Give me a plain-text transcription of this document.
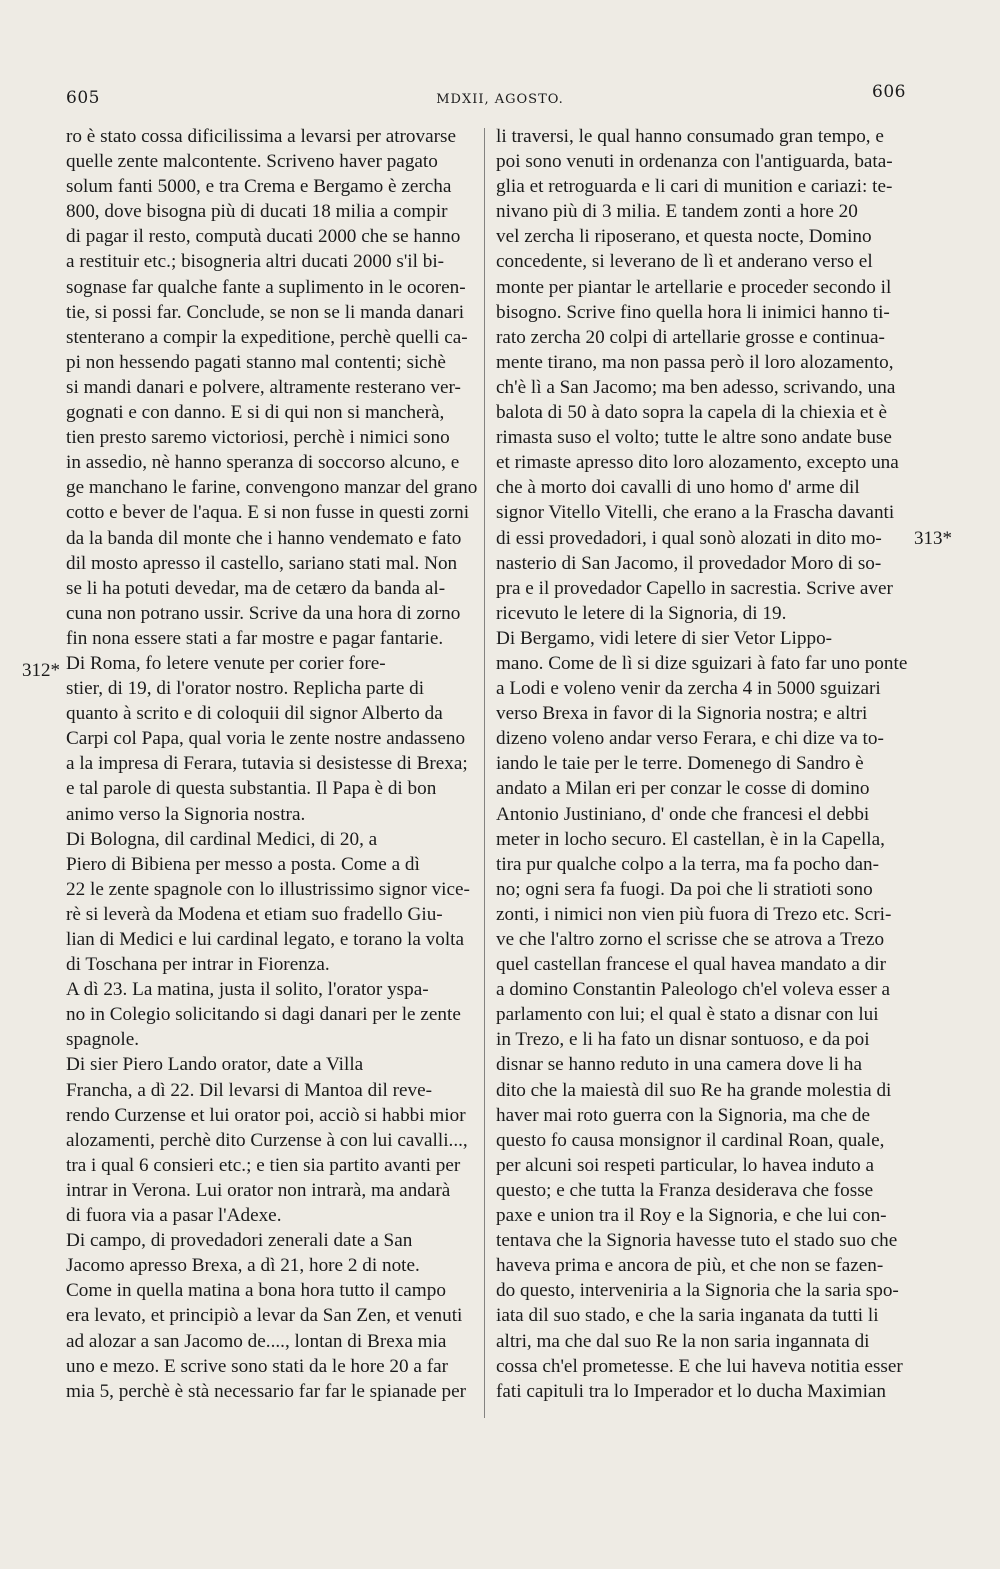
605	MDXII, AGOSTO.	606
312*
313*
ro è stato cossa dificilissima a levarsi per atrovarse
quelle zente malcontente. Scriveno haver pagato
solum fanti 5000, e tra Crema e Bergamo è zercha
800, dove bisogna più di ducati 18 milia a compir
di pagar il resto, computà ducati 2000 che se hanno
a restituir etc.; bisogneria altri ducati 2000 s'il bi-
sognase far qualche fante a suplimento in le ocoren-
tie, si possi far. Conclude, se non se li manda danari
stenterano a compir la expeditione, perchè quelli ca-
pi non hessendo pagati stanno mal contenti; sichè
si mandi danari e polvere, altramente resterano ver-
gognati e con danno. E si di qui non si mancherà,
tien presto saremo victoriosi, perchè i nimici sono
in assedio, nè hanno speranza di soccorso alcuno, e
ge manchano le farine, convengono manzar del grano
cotto e bever de l'aqua. E si non fusse in questi zorni
da la banda dil monte che i hanno vendemato e fato
dil mosto apresso il castello, sariano stati mal. Non
se li ha potuti devedar, ma de cetæro da banda al-
cuna non potrano ussir. Scrive da una hora di zorno
fin nona essere stati a far mostre e pagar fantarie.
Di Roma, fo letere venute per corier fore-
stier, di 19, di l'orator nostro. Replicha parte di
quanto à scrito e di coloquii dil signor Alberto da
Carpi col Papa, qual voria le zente nostre andasseno
a la impresa di Ferara, tutavia si desistesse di Brexa;
e tal parole di questa substantia. Il Papa è di bon
animo verso la Signoria nostra.
Di Bologna, dil cardinal Medici, di 20, a
Piero di Bibiena per messo a posta. Come a dì
22 le zente spagnole con lo illustrissimo signor vice-
rè si leverà da Modena et etiam suo fradello Giu-
lian di Medici e lui cardinal legato, e torano la volta
di Toschana per intrar in Fiorenza.
A dì 23. La matina, justa il solito, l'orator yspa-
no in Colegio solicitando si dagi danari per le zente
spagnole.
Di sier Piero Lando orator, date a Villa
Francha, a dì 22. Dil levarsi di Mantoa dil reve-
rendo Curzense et lui orator poi, acciò si habbi mior
alozamenti, perchè dito Curzense à con lui cavalli...,
tra i qual 6 consieri etc.; e tien sia partito avanti per
intrar in Verona. Lui orator non intrarà, ma andarà
di fuora via a pasar l'Adexe.
Di campo, di provedadori zenerali date a San
Jacomo apresso Brexa, a dì 21, hore 2 di note.
Come in quella matina a bona hora tutto il campo
era levato, et principiò a levar da San Zen, et venuti
ad alozar a san Jacomo de...., lontan di Brexa mia
uno e mezo. E scrive sono stati da le hore 20 a far
mia 5, perchè è stà necessario far far le spianade per
li traversi, le qual hanno consumado gran tempo, e
poi sono venuti in ordenanza con l'antiguarda, bata-
glia et retroguarda e li cari di munition e cariazi: te-
nivano più di 3 milia. E tandem zonti a hore 20
vel zercha li riposerano, et questa nocte, Domino
concedente, si leverano de lì et anderano verso el
monte per piantar le artellarie e proceder secondo il
bisogno. Scrive fino quella hora li inimici hanno ti-
rato zercha 20 colpi di artellarie grosse e continua-
mente tirano, ma non passa però il loro alozamento,
ch'è lì a San Jacomo; ma ben adesso, scrivando, una
balota di 50 à dato sopra la capela di la chiexia et è
rimasta suso el volto; tutte le altre sono andate buse
et rimaste apresso dito loro alozamento, excepto una
che à morto doi cavalli di uno homo d' arme dil
signor Vitello Vitelli, che erano a la Frascha davanti
di essi provedadori, i qual sonò alozati in dito mo-
nasterio di San Jacomo, il provedador Moro di so-
pra e il provedador Capello in sacrestia. Scrive aver
ricevuto le letere di la Signoria, di 19.
Di Bergamo, vidi letere di sier Vetor Lippo-
mano. Come de lì si dize sguizari à fato far uno ponte
a Lodi e voleno venir da zercha 4 in 5000 sguizari
verso Brexa in favor di la Signoria nostra; e altri
dizeno voleno andar verso Ferara, e chi dize va to-
iando le taie per le terre. Domenego di Sandro è
andato a Milan eri per conzar le cosse di domino
Antonio Justiniano, d' onde che francesi el debbi
meter in locho securo. El castellan, è in la Capella,
tira pur qualche colpo a la terra, ma fa pocho dan-
no; ogni sera fa fuogi. Da poi che li stratioti sono
zonti, i nimici non vien più fuora di Trezo etc. Scri-
ve che l'altro zorno el scrisse che se atrova a Trezo
quel castellan francese el qual havea mandato a dir
a domino Constantin Paleologo ch'el voleva esser a
parlamento con lui; el qual è stato a disnar con lui
in Trezo, e li ha fato un disnar sontuoso, e da poi
disnar se hanno reduto in una camera dove li ha
dito che la maiestà dil suo Re ha grande molestia di
haver mai roto guerra con la Signoria, ma che de
questo fo causa monsignor il cardinal Roan, quale,
per alcuni soi respeti particular, lo havea induto a
questo; e che tutta la Franza desiderava che fosse
paxe e union tra il Roy e la Signoria, e che lui con-
tentava che la Signoria havesse tuto el stado suo che
haveva prima e ancora de più, et che non se fazen-
do questo, interveniria a la Signoria che la saria spo-
iata dil suo stado, e che la saria inganata da tutti li
altri, ma che dal suo Re la non saria ingannata di
cossa ch'el prometesse. E che lui haveva notitia esser
fati capituli tra lo Imperador et lo ducha Maximian
